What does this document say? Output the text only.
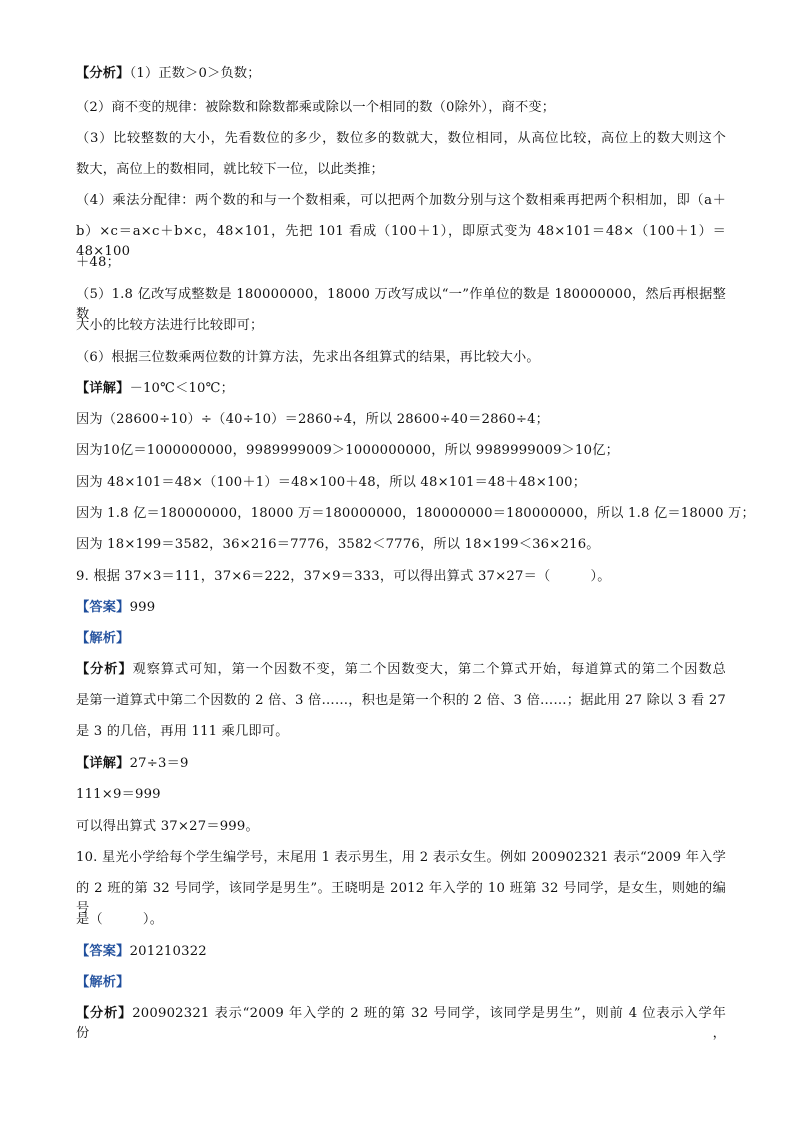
【分析】（1）正数＞0＞负数；
（2）商不变的规律：被除数和除数都乘或除以一个相同的数（0除外），商不变；
（3）比较整数的大小，先看数位的多少，数位多的数就大，数位相同，从高位比较，高位上的数大则这个
数大，高位上的数相同，就比较下一位，以此类推；
（4）乘法分配律：两个数的和与一个数相乘，可以把两个加数分别与这个数相乘再把两个积相加，即（a＋
b）×c＝a×c＋b×c，48×101，先把 101 看成（100＋1），即原式变为 48×101＝48×（100＋1）＝48×100
＋48；
（5）1.8 亿改写成整数是 180000000，18000 万改写成以“一”作单位的数是 180000000，然后再根据整数
大小的比较方法进行比较即可；
（6）根据三位数乘两位数的计算方法，先求出各组算式的结果，再比较大小。
【详解】－10℃＜10℃；
因为（28600÷10）÷（40÷10）＝2860÷4，所以 28600÷40＝2860÷4；
因为10亿＝1000000000，9989999009＞1000000000，所以 9989999009＞10亿；
因为 48×101＝48×（100＋1）＝48×100＋48，所以 48×101＝48＋48×100；
因为 1.8 亿＝180000000，18000 万＝180000000，180000000＝180000000，所以 1.8 亿＝18000 万；
因为 18×199＝3582，36×216＝7776，3582＜7776，所以 18×199＜36×216。
9. 根据 37×3＝111，37×6＝222，37×9＝333，可以得出算式 37×27＝（　　　）。
【答案】999
【解析】
【分析】观察算式可知，第一个因数不变，第二个因数变大，第二个算式开始，每道算式的第二个因数总
是第一道算式中第二个因数的 2 倍、3 倍……，积也是第一个积的 2 倍、3 倍……；据此用 27 除以 3 看 27
是 3 的几倍，再用 111 乘几即可。
【详解】27÷3＝9
111×9＝999
可以得出算式 37×27＝999。
10. 星光小学给每个学生编学号，末尾用 1 表示男生，用 2 表示女生。例如 200902321 表示“2009 年入学
的 2 班的第 32 号同学，该同学是男生”。王晓明是 2012 年入学的 10 班第 32 号同学，是女生，则她的编号
是（　　　）。
【答案】201210322
【解析】
【分析】200902321 表示“2009 年入学的 2 班的第 32 号同学，该同学是男生”，则前 4 位表示入学年份，
